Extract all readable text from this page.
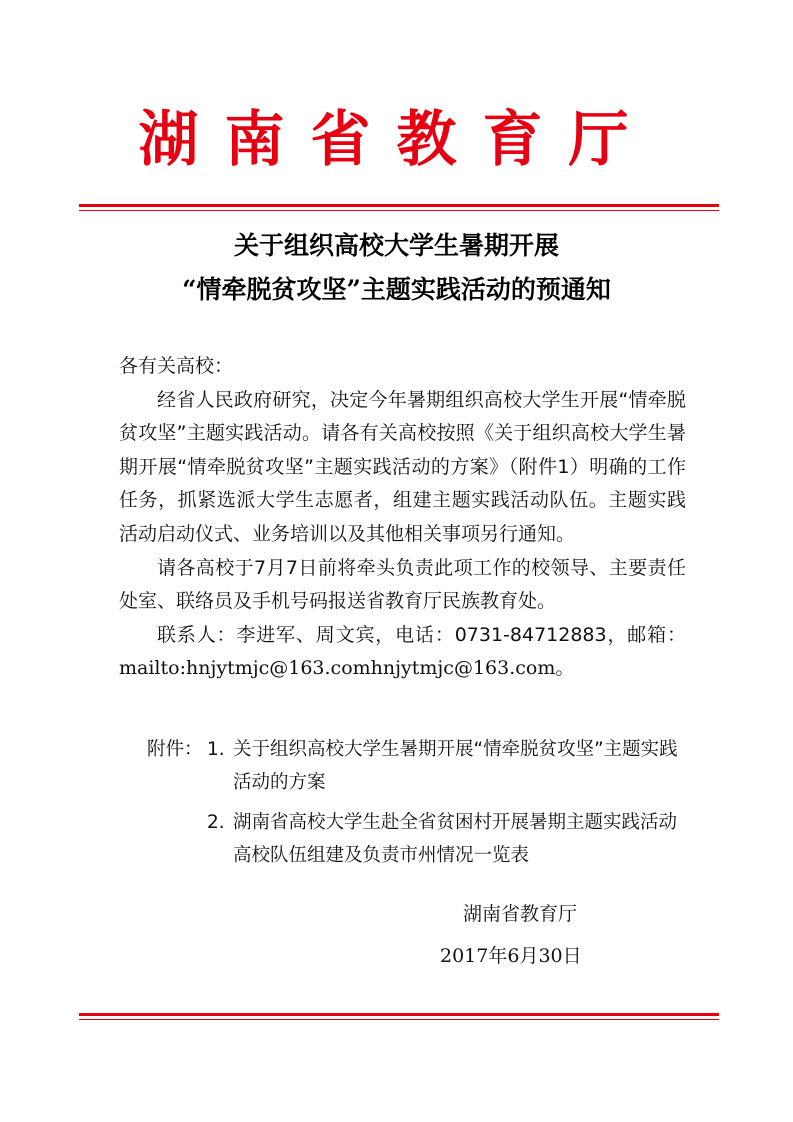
湖南省教育厅
关于组织高校大学生暑期开展
“情牵脱贫攻坚”主题实践活动的预通知

各有关高校：

经省人民政府研究，决定今年暑期组织高校大学生开展“情牵脱贫攻坚”主题实践活动。请各有关高校按照《关于组织高校大学生暑期开展“情牵脱贫攻坚”主题实践活动的方案》（附件1）明确的工作任务，抓紧选派大学生志愿者，组建主题实践活动队伍。主题实践活动启动仪式、业务培训以及其他相关事项另行通知。

请各高校于7月7日前将牵头负责此项工作的校领导、主要责任处室、联络员及手机号码报送省教育厅民族教育处。

联系人：李进军、周文宾，电话：0731-84712883，邮箱：mailto:hnjytmjc@163.comhnjytmjc@163.com。

附件： 1. 关于组织高校大学生暑期开展“情牵脱贫攻坚”主题实践活动的方案
2. 湖南省高校大学生赴全省贫困村开展暑期主题实践活动高校队伍组建及负责市州情况一览表
湖南省教育厅
2017年6月30日
